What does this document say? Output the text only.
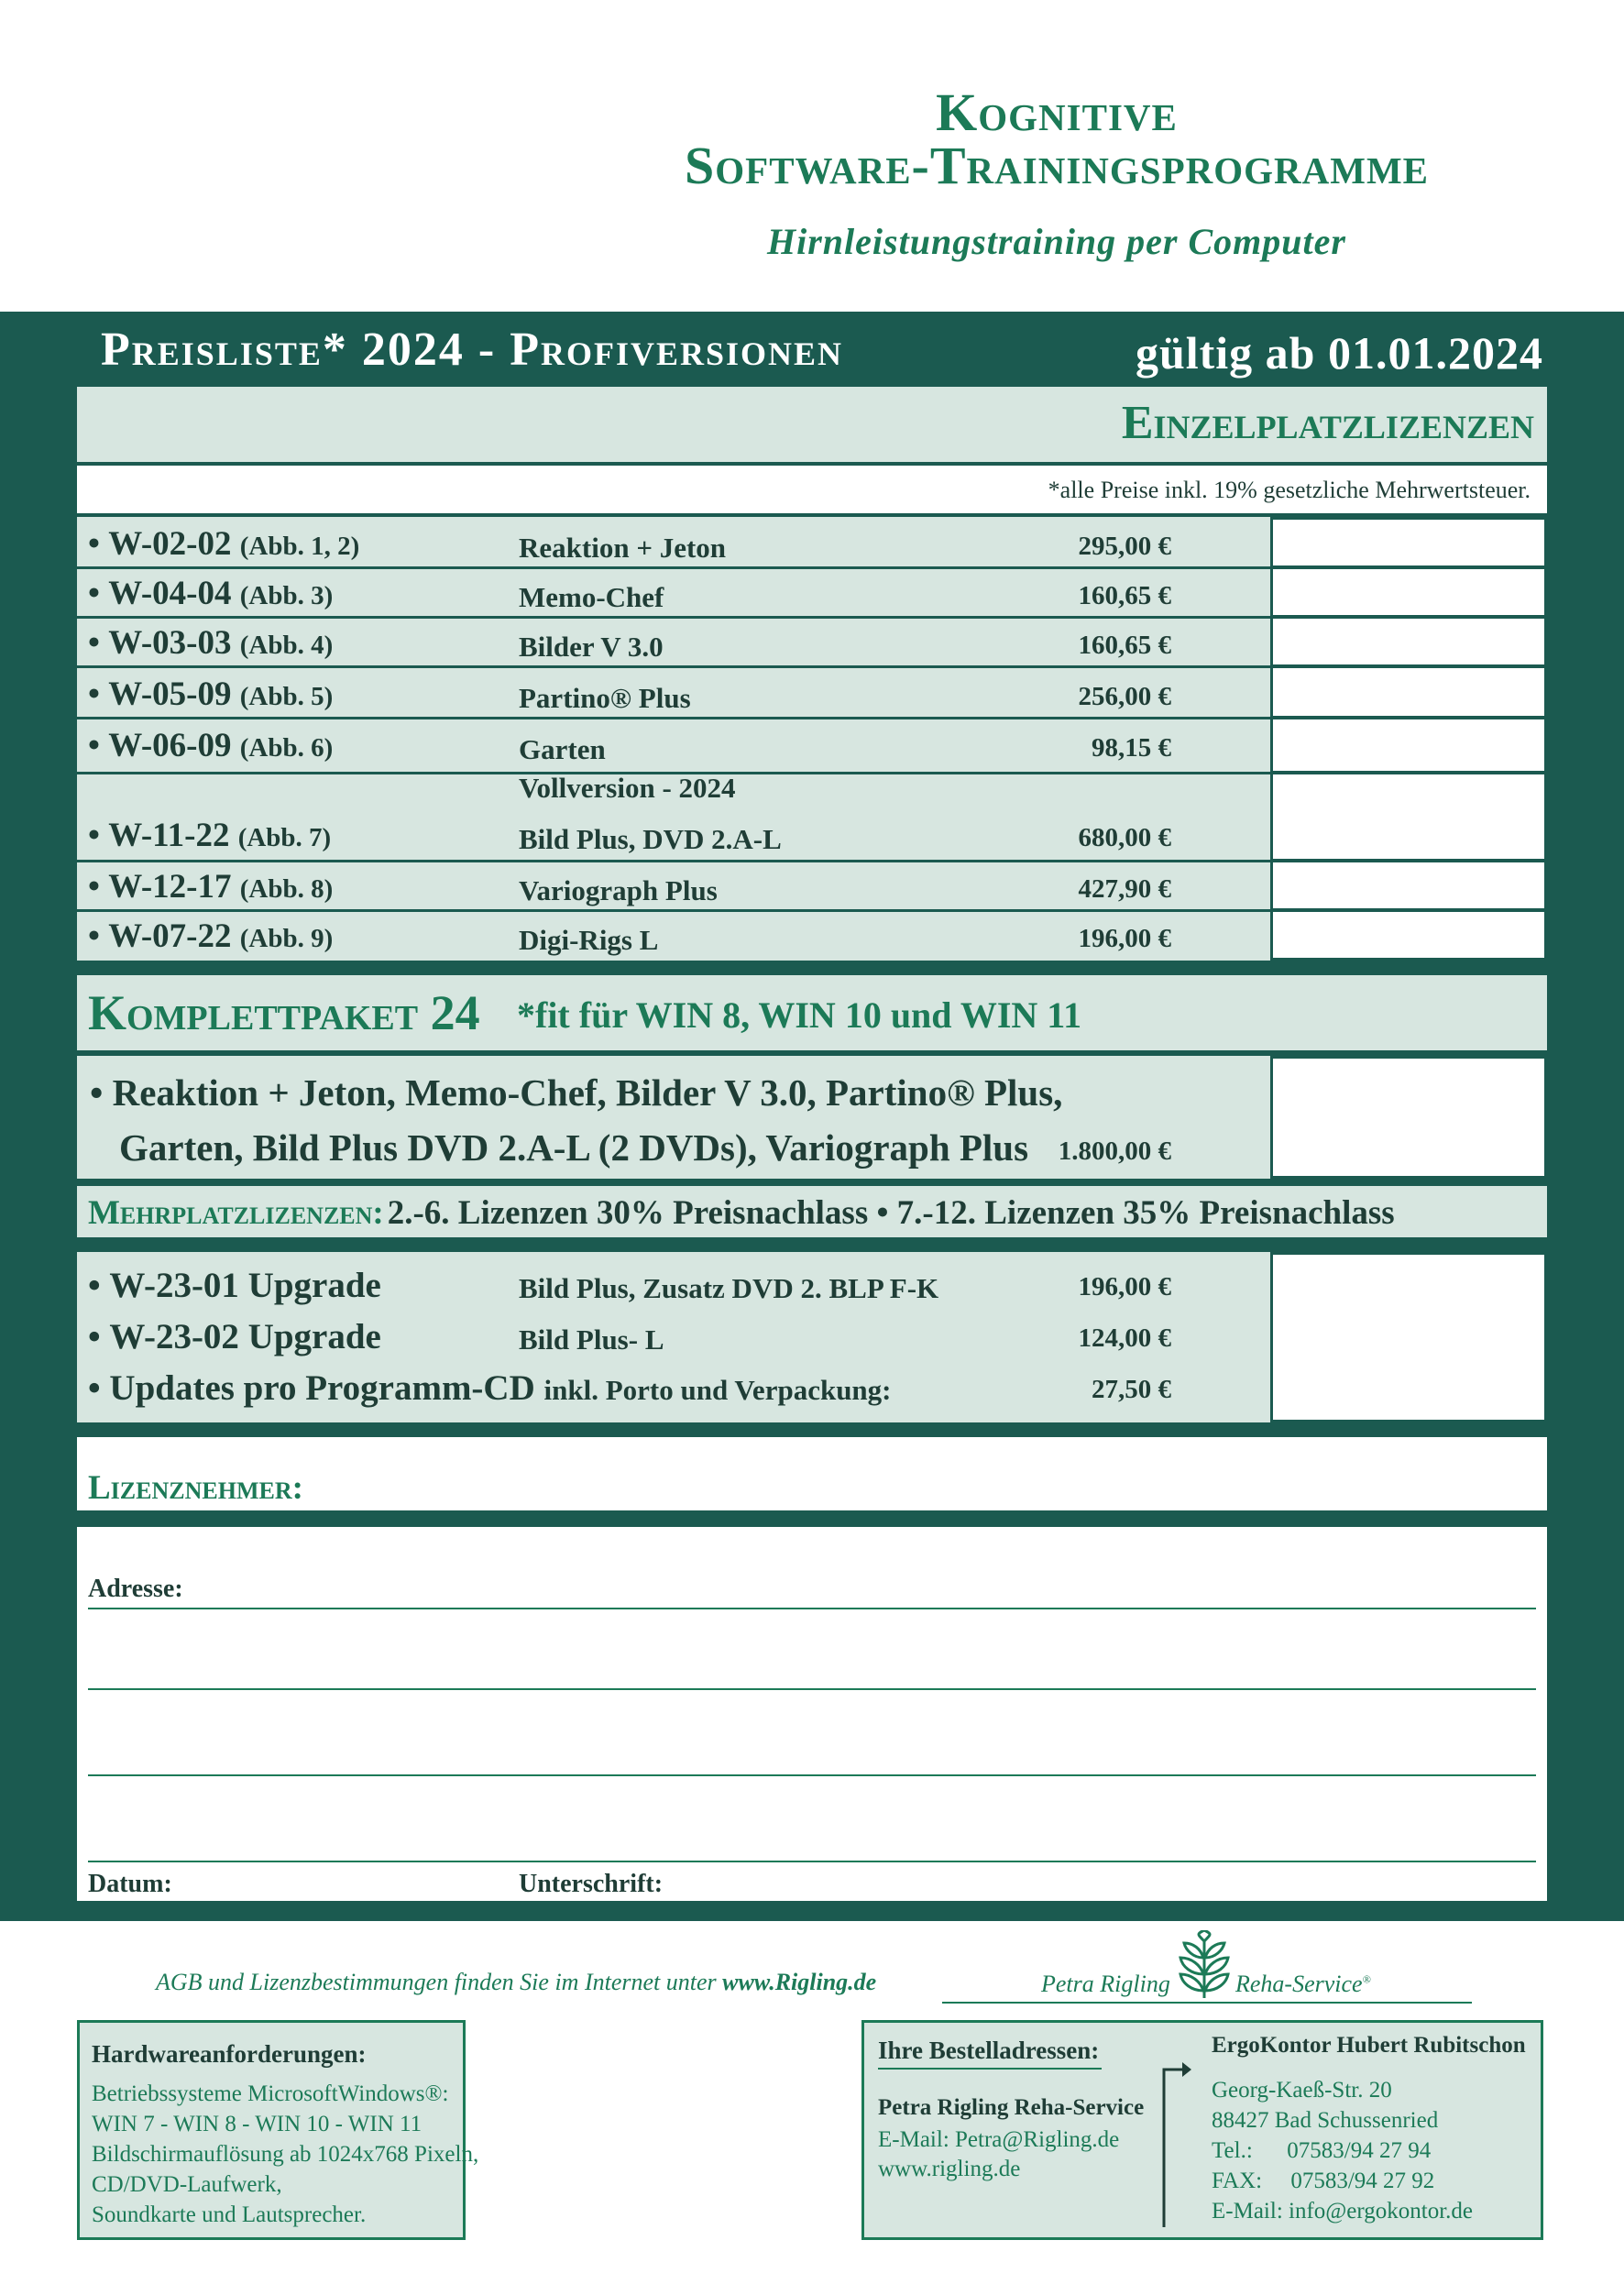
Kognitive
Software-Trainingsprogramme
Hirnleistungstraining per Computer
Preisliste* 2024 - Profiversionen	gültig ab 01.01.2024
Einzelplatzlizenzen
*alle Preise inkl. 19% gesetzliche Mehrwertsteuer.
• W-02-02 (Abb. 1, 2)	Reaktion + Jeton	295,00 €
• W-04-04 (Abb. 3)	Memo-Chef	160,65 €
• W-03-03 (Abb. 4)	Bilder V 3.0	160,65 €
• W-05-09 (Abb. 5)	Partino® Plus	256,00 €
• W-06-09 (Abb. 6)	Garten	98,15 €
Vollversion - 2024
• W-11-22 (Abb. 7)	Bild Plus, DVD 2.A-L	680,00 €
• W-12-17 (Abb. 8)	Variograph Plus	427,90 €
• W-07-22 (Abb. 9)	Digi-Rigs L	196,00 €
Komplettpaket 24 *fit für WIN 8, WIN 10 und WIN 11
• Reaktion + Jeton, Memo-Chef, Bilder V 3.0, Partino® Plus,
Garten, Bild Plus DVD 2.A-L (2 DVDs), Variograph Plus 1.800,00 €
Mehrplatzlizenzen: 2.-6. Lizenzen 30% Preisnachlass • 7.-12. Lizenzen 35% Preisnachlass
• W-23-01 Upgrade	Bild Plus, Zusatz DVD 2. BLP F-K	196,00 €
• W-23-02 Upgrade	Bild Plus- L	124,00 €
• Updates pro Programm-CD inkl. Porto und Verpackung:	27,50 €
Lizenznehmer:
Adresse:
Datum:	Unterschrift:
AGB und Lizenzbestimmungen finden Sie im Internet unter www.Rigling.de	Petra Rigling	Reha-Service®
Hardwareanforderungen:
Betriebssysteme MicrosoftWindows®:
WIN 7 - WIN 8 - WIN 10 - WIN 11
Bildschirmauflösung ab 1024x768 Pixeln,
CD/DVD-Laufwerk,
Soundkarte und Lautsprecher.
Ihre Bestelladressen:
Petra Rigling Reha-Service
E-Mail: Petra@Rigling.de
www.rigling.de
ErgoKontor Hubert Rubitschon
Georg-Kaeß-Str. 20
88427 Bad Schussenried
Tel.:      07583/94 27 94
FAX:     07583/94 27 92
E-Mail: info@ergokontor.de
